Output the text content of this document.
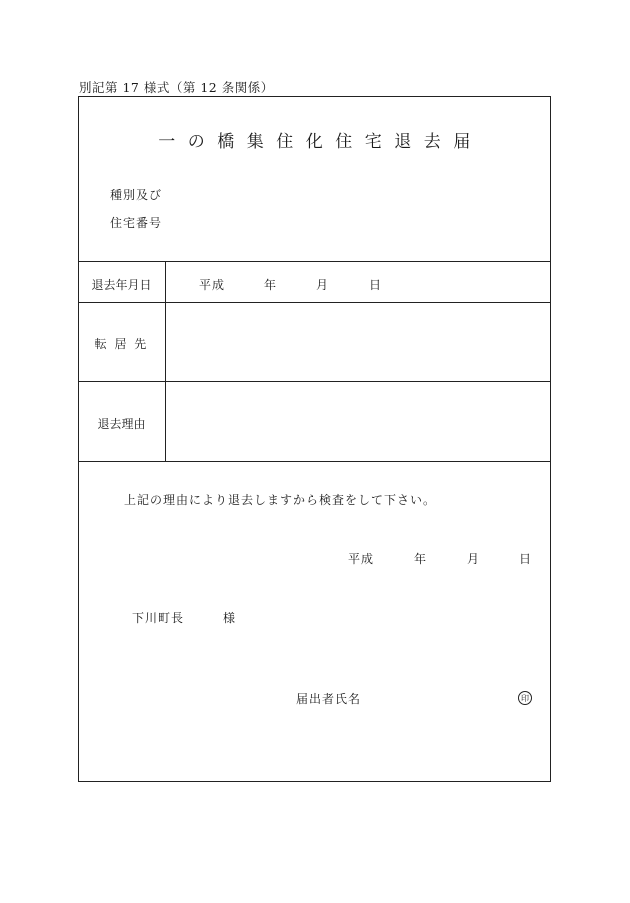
別記第 17 様式（第 12 条関係）
一の橋集住化住宅退去届
種別及び
住宅番号
退去年月日	平成	年	月	日
転 居 先
退去理由
上記の理由により退去しますから検査をして下さい。
平成	年	月	日
下川町長	様
届出者氏名	印
